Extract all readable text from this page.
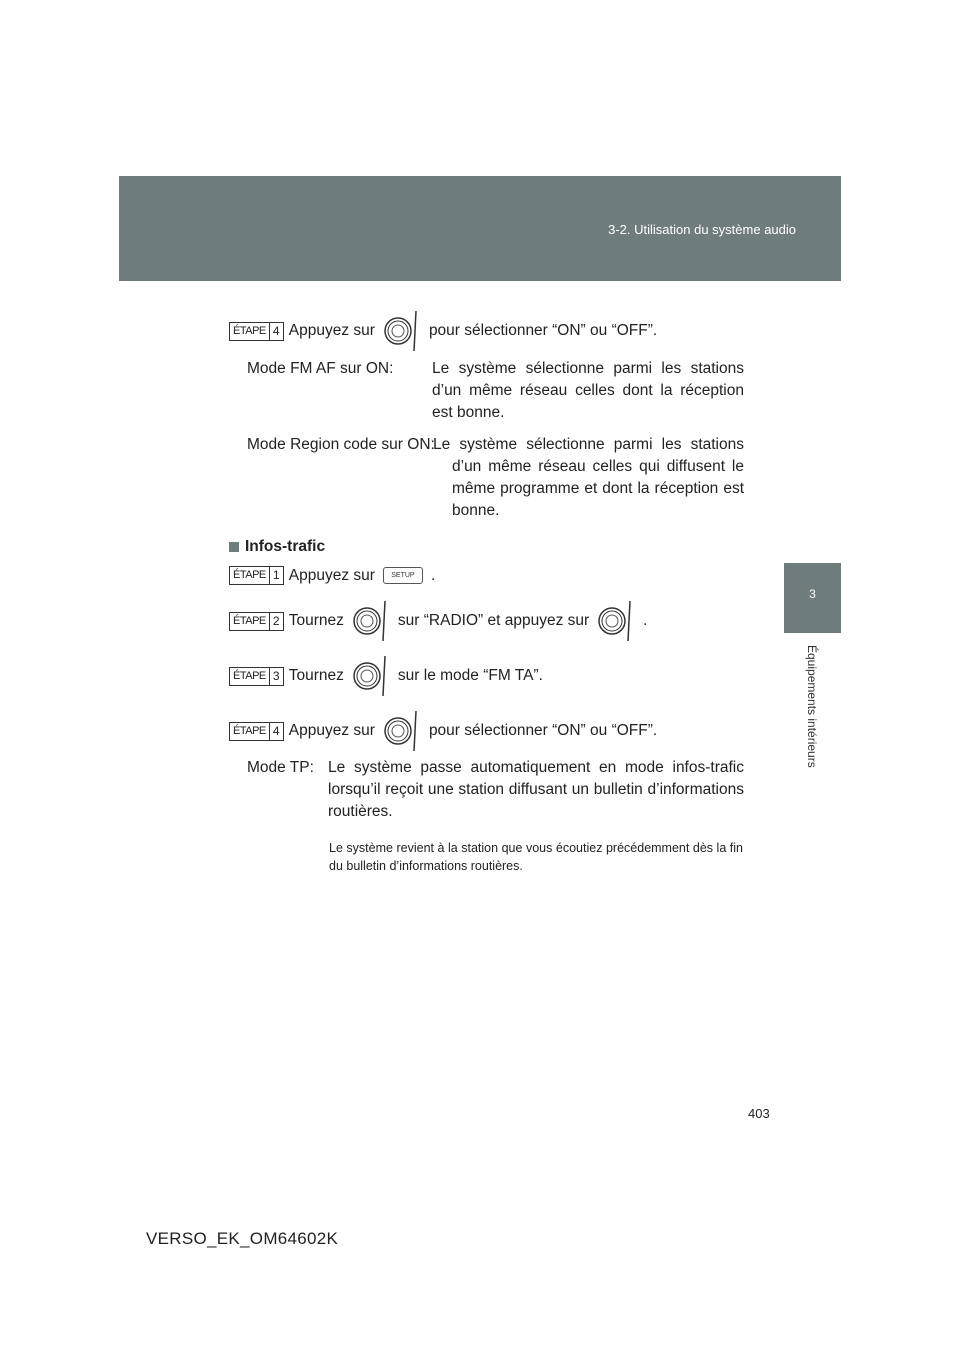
3-2. Utilisation du système audio
3
Équipements intérieurs
ÉTAPE 4 Appuyez sur	pour sélectionner “ON” ou “OFF”.
Mode FM AF sur ON: Le système sélectionne parmi les stations d’un même réseau celles dont la réception est bonne.
Mode Region code sur ON:
Le système sélectionne parmi les stations d’un même réseau celles qui diffusent le même programme et dont la réception est bonne.
Infos-trafic
ÉTAPE 1 Appuyez sur	SETUP	.
ÉTAPE 2 Tournez	sur “RADIO” et appuyez sur	.
ÉTAPE 3 Tournez	sur le mode “FM TA”.
ÉTAPE 4 Appuyez sur	pour sélectionner “ON” ou “OFF”.
Mode TP: Le système passe automatiquement en mode infos-trafic lorsqu’il reçoit une station diffusant un bulletin d’informations routières.
Le système revient à la station que vous écoutiez précédemment dès la fin du bulletin d’informations routières.
403
VERSO_EK_OM64602K
